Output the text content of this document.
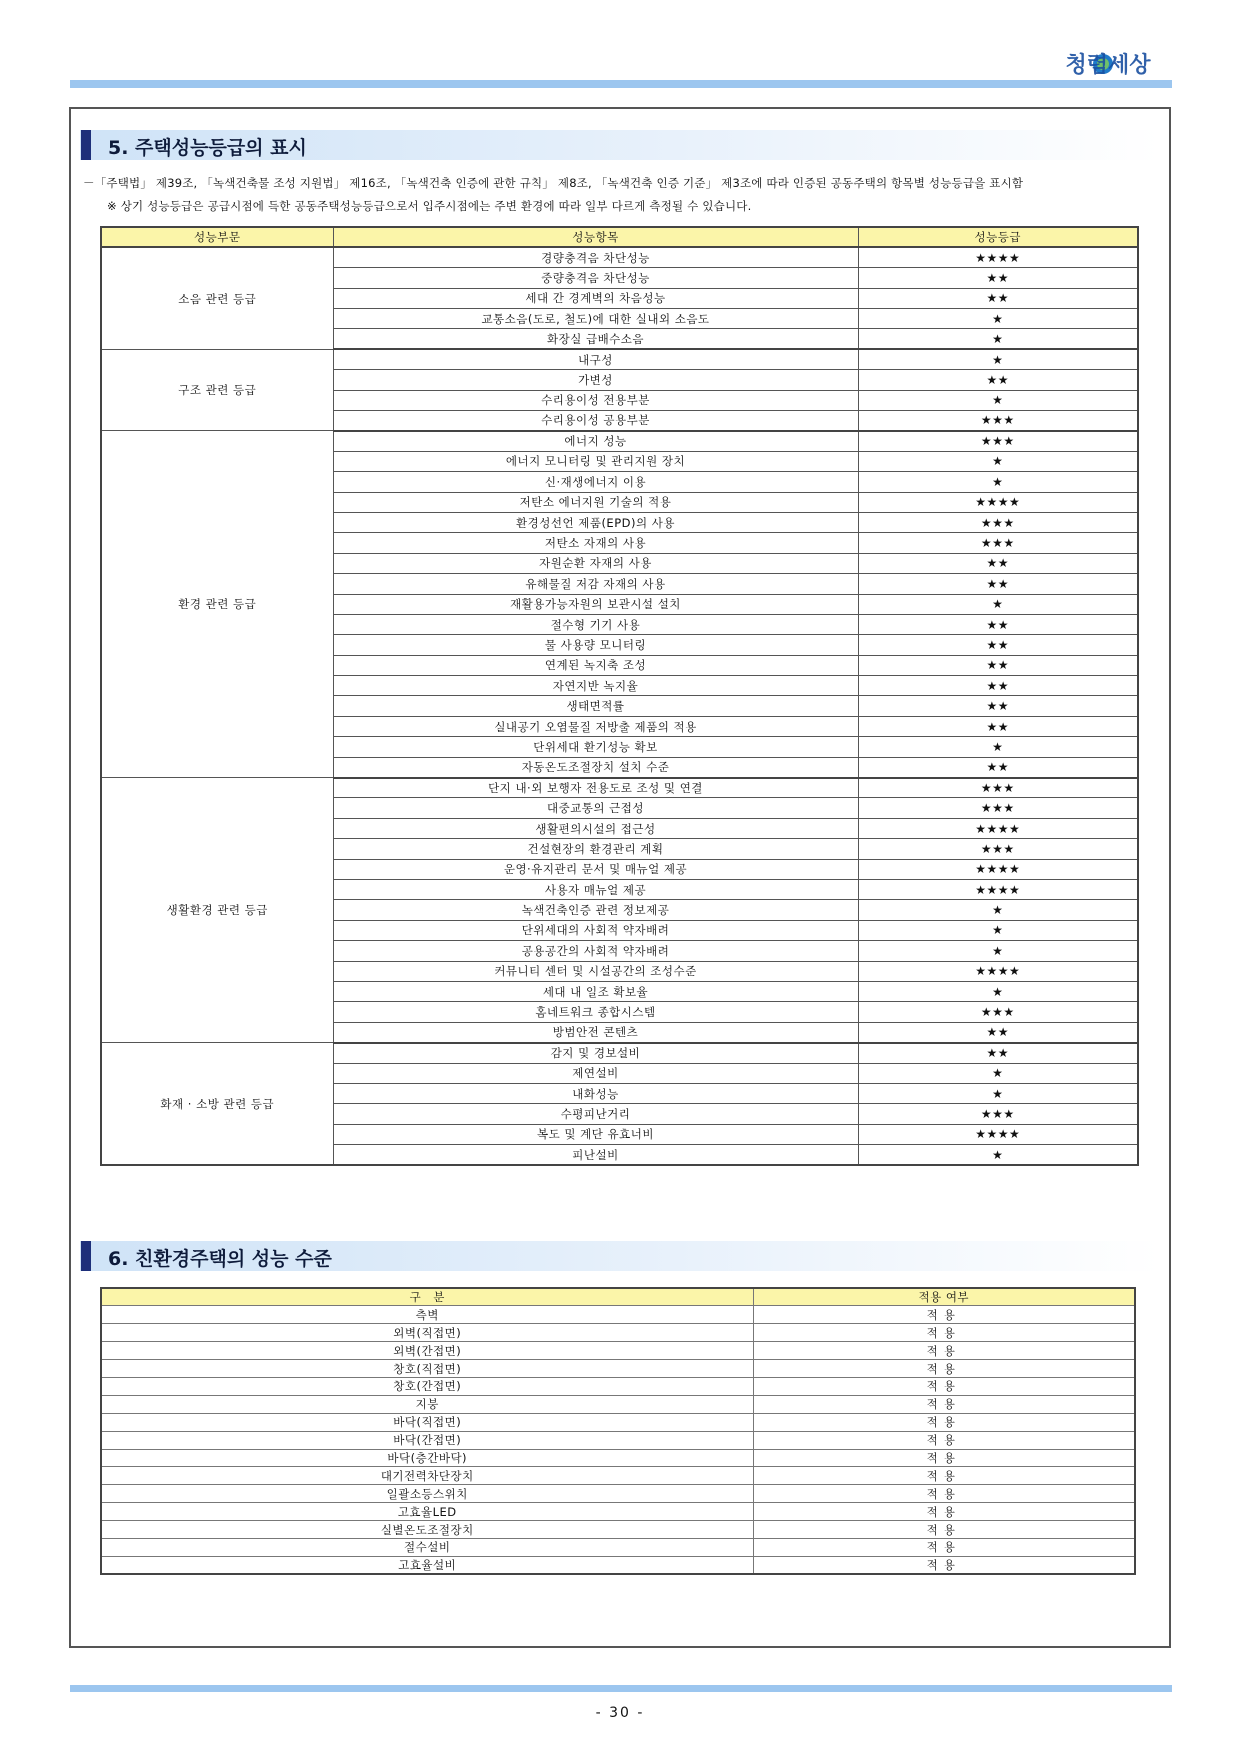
청렴세상
5. 주택성능등급의 표시
－「주택법」 제39조, 「녹색건축물 조성 지원법」 제16조, 「녹색건축 인증에 관한 규칙」 제8조, 「녹색건축 인증 기준」 제3조에 따라 인증된 공동주택의 항목별 성능등급을 표시함
※ 상기 성능등급은 공급시점에 득한 공동주택성능등급으로서 입주시점에는 주변 환경에 따라 일부 다르게 측정될 수 있습니다.
성능부문	성능항목	성능등급
소음 관련 등급	경량충격음 차단성능	★★★★
	중량충격음 차단성능	★★
	세대 간 경계벽의 차음성능	★★
	교통소음(도로, 철도)에 대한 실내외 소음도	★
	화장실 급배수소음	★
구조 관련 등급	내구성	★
	가변성	★★
	수리용이성 전용부분	★
	수리용이성 공용부분	★★★
환경 관련 등급	에너지 성능	★★★
	에너지 모니터링 및 관리지원 장치	★
	신·재생에너지 이용	★
	저탄소 에너지원 기술의 적용	★★★★
	환경성선언 제품(EPD)의 사용	★★★
	저탄소 자재의 사용	★★★
	자원순환 자재의 사용	★★
	유해물질 저감 자재의 사용	★★
	재활용가능자원의 보관시설 설치	★
	절수형 기기 사용	★★
	물 사용량 모니터링	★★
	연계된 녹지축 조성	★★
	자연지반 녹지율	★★
	생태면적률	★★
	실내공기 오염물질 저방출 제품의 적용	★★
	단위세대 환기성능 확보	★
	자동온도조절장치 설치 수준	★★
생활환경 관련 등급	단지 내·외 보행자 전용도로 조성 및 연결	★★★
	대중교통의 근접성	★★★
	생활편의시설의 접근성	★★★★
	건설현장의 환경관리 계획	★★★
	운영·유지관리 문서 및 매뉴얼 제공	★★★★
	사용자 매뉴얼 제공	★★★★
	녹색건축인증 관련 정보제공	★
	단위세대의 사회적 약자배려	★
	공용공간의 사회적 약자배려	★
	커뮤니티 센터 및 시설공간의 조성수준	★★★★
	세대 내 일조 확보율	★
	홈네트워크 종합시스템	★★★
	방범안전 콘텐츠	★★
화재 · 소방 관련 등급	감지 및 경보설비	★★
	제연설비	★
	내화성능	★
	수평피난거리	★★★
	복도 및 계단 유효너비	★★★★
	피난설비	★
6. 친환경주택의 성능 수준
구　분	적용 여부
측벽	적용
외벽(직접면)	적용
외벽(간접면)	적용
창호(직접면)	적용
창호(간접면)	적용
지붕	적용
바닥(직접면)	적용
바닥(간접면)	적용
바닥(층간바닥)	적용
대기전력차단장치	적용
일괄소등스위치	적용
고효율LED	적용
실별온도조절장치	적용
절수설비	적용
고효율설비	적용
- 30 -
